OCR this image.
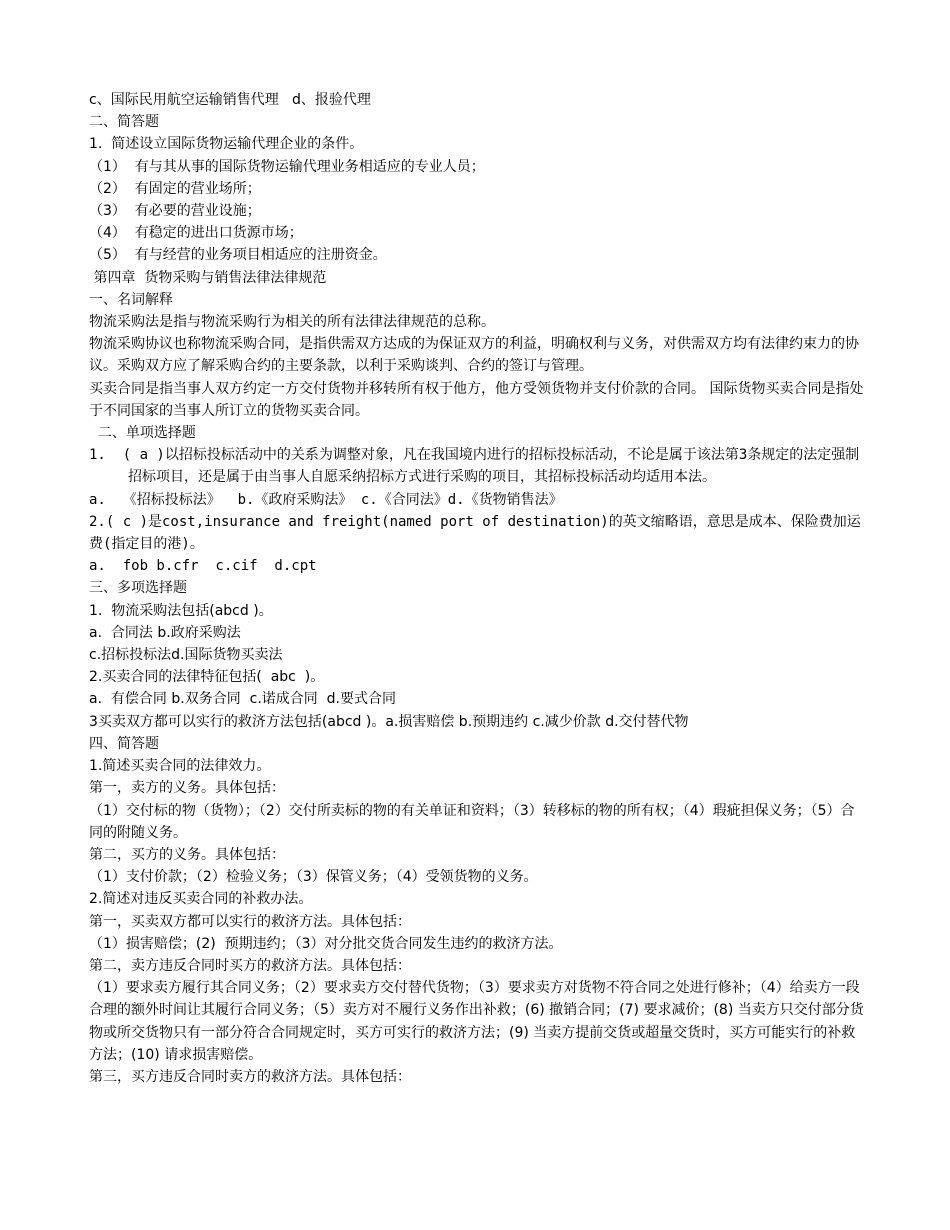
c、国际民用航空运输销售代理   d、报验代理

二、简答题

1.  简述设立国际货物运输代理企业的条件。

（1）  有与其从事的国际货物运输代理业务相适应的专业人员；

（2）  有固定的营业场所；

（3）  有必要的营业设施；

（4）  有稳定的进出口货源市场；

（5）  有与经营的业务项目相适应的注册资金。

第四章  货物采购与销售法律法律规范

一、名词解释

物流采购法是指与物流采购行为相关的所有法律法律规范的总称。

物流采购协议也称物流采购合同，是指供需双方达成的为保证双方的利益，明确权利与义务，对供需双方均有法律约束力的协议。采购双方应了解采购合约的主要条款，以利于采购谈判、合约的签订与管理。

买卖合同是指当事人双方约定一方交付货物并移转所有权于他方，他方受领货物并支付价款的合同。 国际货物买卖合同是指处于不同国家的当事人所订立的货物买卖合同。

二、单项选择题

1.  ( a )以招标投标活动中的关系为调整对象，凡在我国境内进行的招标投标活动，不论是属于该法第3条规定的法定强制招标项目，还是属于由当事人自愿采纳招标方式进行采购的项目，其招标投标活动均适用本法。

a.  《招标投标法》  b.《政府采购法》 c.《合同法》d.《货物销售法》

2.( c )是cost,insurance and freight(named port of destination)的英文缩略语，意思是成本、保险费加运费(指定目的港)。

a.  fob b.cfr  c.cif  d.cpt

三、多项选择题

1.  物流采购法包括(abcd )。

a.  合同法 b.政府采购法

c.招标投标法d.国际货物买卖法

2.买卖合同的法律特征包括(  abc  )。

a.  有偿合同 b.双务合同  c.诺成合同  d.要式合同

3买卖双方都可以实行的救济方法包括(abcd )。a.损害赔偿 b.预期违约 c.减少价款 d.交付替代物

四、简答题

1.简述买卖合同的法律效力。

第一，卖方的义务。具体包括：

（1）交付标的物（货物）；（2）交付所卖标的物的有关单证和资料；（3）转移标的物的所有权；（4）瑕疵担保义务；（5）合同的附随义务。

第二，买方的义务。具体包括：

（1）支付价款；（2）检验义务；（3）保管义务；（4）受领货物的义务。

2.简述对违反买卖合同的补救办法。

第一，买卖双方都可以实行的救济方法。具体包括：

（1）损害赔偿；(2)  预期违约；（3）对分批交货合同发生违约的救济方法。

第二，卖方违反合同时买方的救济方法。具体包括：

（1）要求卖方履行其合同义务；（2）要求卖方交付替代货物；（3）要求卖方对货物不符合同之处进行修补；（4）给卖方一段合理的额外时间让其履行合同义务；（5）卖方对不履行义务作出补救；(6) 撤销合同；(7) 要求减价；(8) 当卖方只交付部分货物或所交货物只有一部分符合合同规定时，买方可实行的救济方法；(9) 当卖方提前交货或超量交货时，买方可能实行的补救方法；(10) 请求损害赔偿。

第三，买方违反合同时卖方的救济方法。具体包括：
